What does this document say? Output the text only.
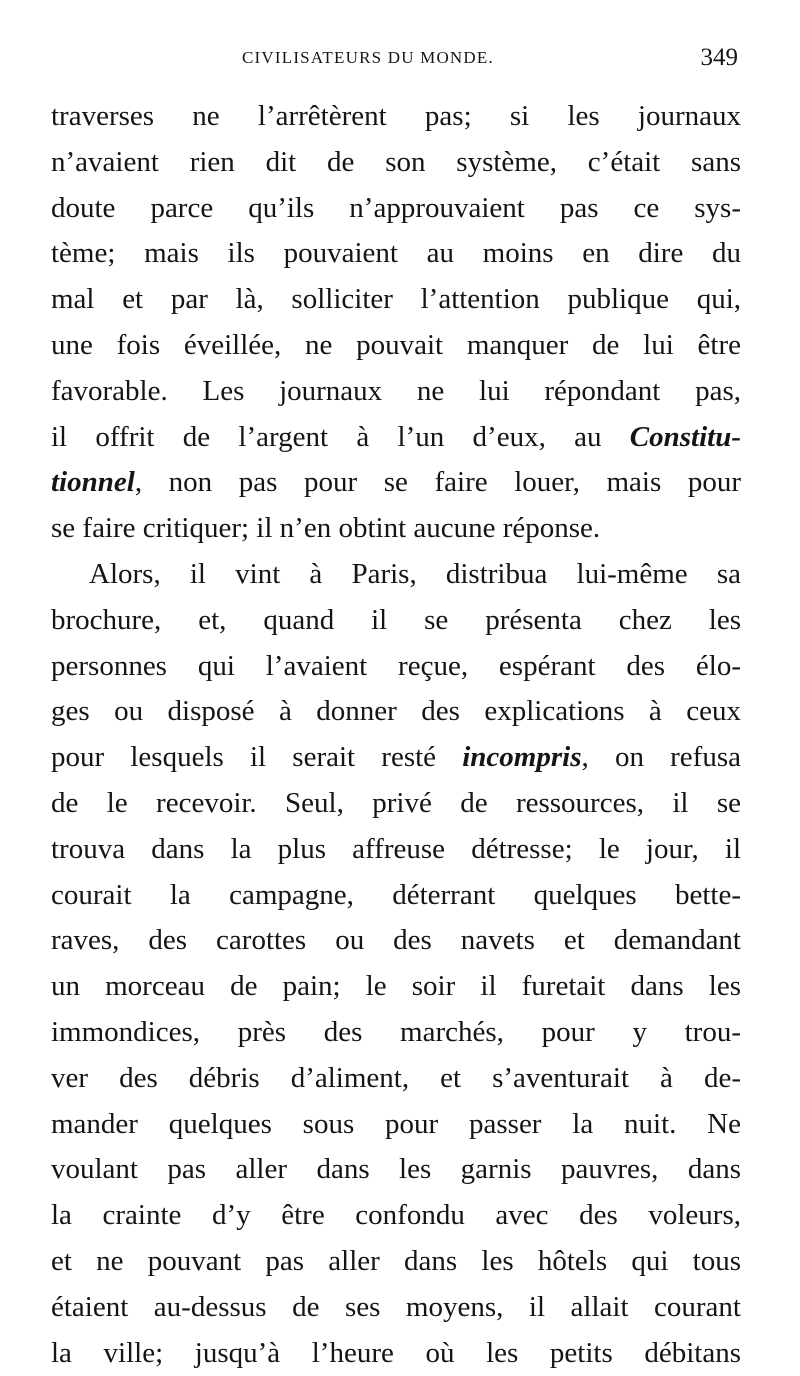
CIVILISATEURS DU MONDE.	349
traverses ne l’arrêtèrent pas; si les journaux
n’avaient rien dit de son système, c’était sans
doute parce qu’ils n’approuvaient pas ce sys-
tème; mais ils pouvaient au moins en dire du
mal et par là, solliciter l’attention publique qui,
une fois éveillée, ne pouvait manquer de lui être
favorable. Les journaux ne lui répondant pas,
il offrit de l’argent à l’un d’eux, au Constitu-
tionnel, non pas pour se faire louer, mais pour
se faire critiquer; il n’en obtint aucune réponse.
Alors, il vint à Paris, distribua lui-même sa
brochure, et, quand il se présenta chez les
personnes qui l’avaient reçue, espérant des élo-
ges ou disposé à donner des explications à ceux
pour lesquels il serait resté incompris, on refusa
de le recevoir. Seul, privé de ressources, il se
trouva dans la plus affreuse détresse; le jour, il
courait la campagne, déterrant quelques bette-
raves, des carottes ou des navets et demandant
un morceau de pain; le soir il furetait dans les
immondices, près des marchés, pour y trou-
ver des débris d’aliment, et s’aventurait à de-
mander quelques sous pour passer la nuit. Ne
voulant pas aller dans les garnis pauvres, dans
la crainte d’y être confondu avec des voleurs,
et ne pouvant pas aller dans les hôtels qui tous
étaient au-dessus de ses moyens, il allait courant
la ville; jusqu’à l’heure où les petits débitans
